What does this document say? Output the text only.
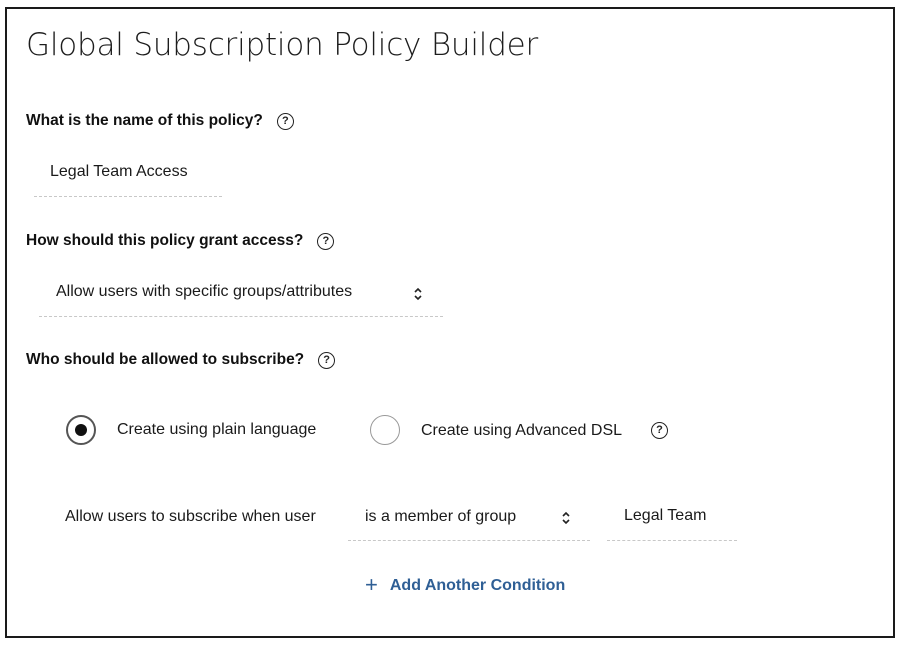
Global Subscription Policy Builder
What is the name of this policy?	?
Legal Team Access
How should this policy grant access?	?
Allow users with specific groups/attributes
Who should be allowed to subscribe?	?
Create using plain language	Create using Advanced DSL	?
Allow users to subscribe when user	is a member of group	Legal Team
+ Add Another Condition
